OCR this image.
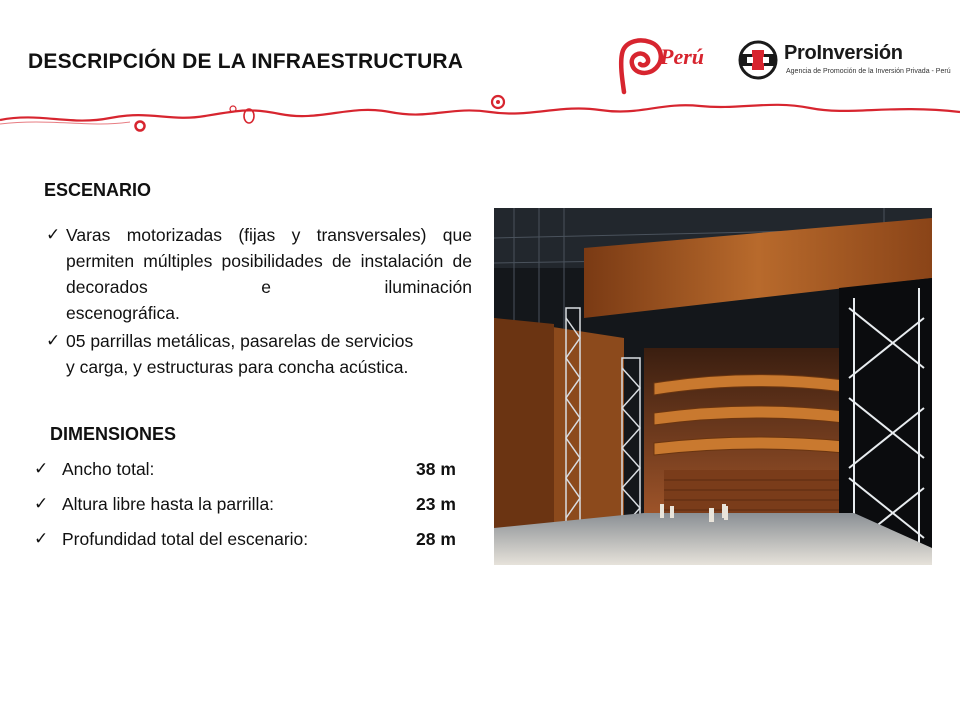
DESCRIPCIÓN DE LA INFRAESTRUCTURA	Perú	ProInversión
Agencia de Promoción de la Inversión Privada - Perú
ESCENARIO
✓ Varas motorizadas (fijas y transversales) que permiten múltiples posibilidades de instalación de decorados e iluminación
escenográfica.
✓ 05 parrillas metálicas, pasarelas de servicios
y carga, y estructuras para concha acústica.
DIMENSIONES
✓ Ancho total:	38 m
✓ Altura libre hasta la parrilla:	23 m
✓ Profundidad total del escenario:	28 m
